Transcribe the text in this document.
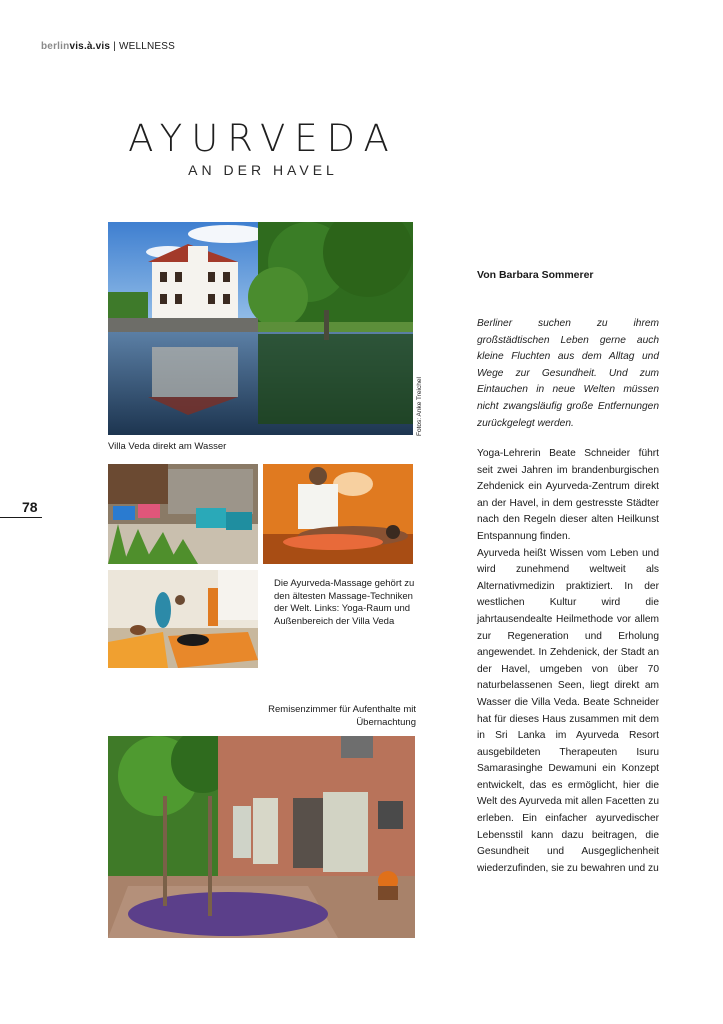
berlinvis.à.vis | WELLNESS
AYURVEDA
AN DER HAVEL
78
Fotos: Anke Treichel
Villa Veda direkt am Wasser
Die Ayurveda-Massage gehört zu den ältesten Massage-Techniken der Welt. Links: Yoga-Raum und Außenbereich der Villa Veda
Remisenzimmer für Aufenthalte mit Übernachtung
Von Barbara Sommerer
Berliner suchen zu ihrem großstädtischen Leben gerne auch kleine Fluchten aus dem Alltag und Wege zur Gesundheit. Und zum Eintauchen in neue Welten müssen nicht zwangsläufig große Entfernungen zurückgelegt werden.

Yoga-Lehrerin Beate Schneider führt seit zwei Jahren im brandenburgischen Zehdenick ein Ayurveda-Zentrum direkt an der Havel, in dem gestresste Städter nach den Regeln dieser alten Heilkunst Entspannung finden.

Ayurveda heißt Wissen vom Leben und wird zunehmend weltweit als Alternativmedizin praktiziert. In der westlichen Kultur wird die jahrtausendealte Heilmethode vor allem zur Regeneration und Erholung angewendet. In Zehdenick, der Stadt an der Havel, umgeben von über 70 naturbelassenen Seen, liegt direkt am Wasser die Villa Veda. Beate Schneider hat für dieses Haus zusammen mit dem in Sri Lanka im Ayurveda Resort ausgebildeten Therapeuten Isuru Samarasinghe Dewamuni ein Konzept entwickelt, das es ermöglicht, hier die Welt des Ayurveda mit allen Facetten zu erleben. Ein einfacher ayurvedischer Lebensstil kann dazu beitragen, die Gesundheit und Ausgeglichenheit wiederzufinden, sie zu bewahren und zu
